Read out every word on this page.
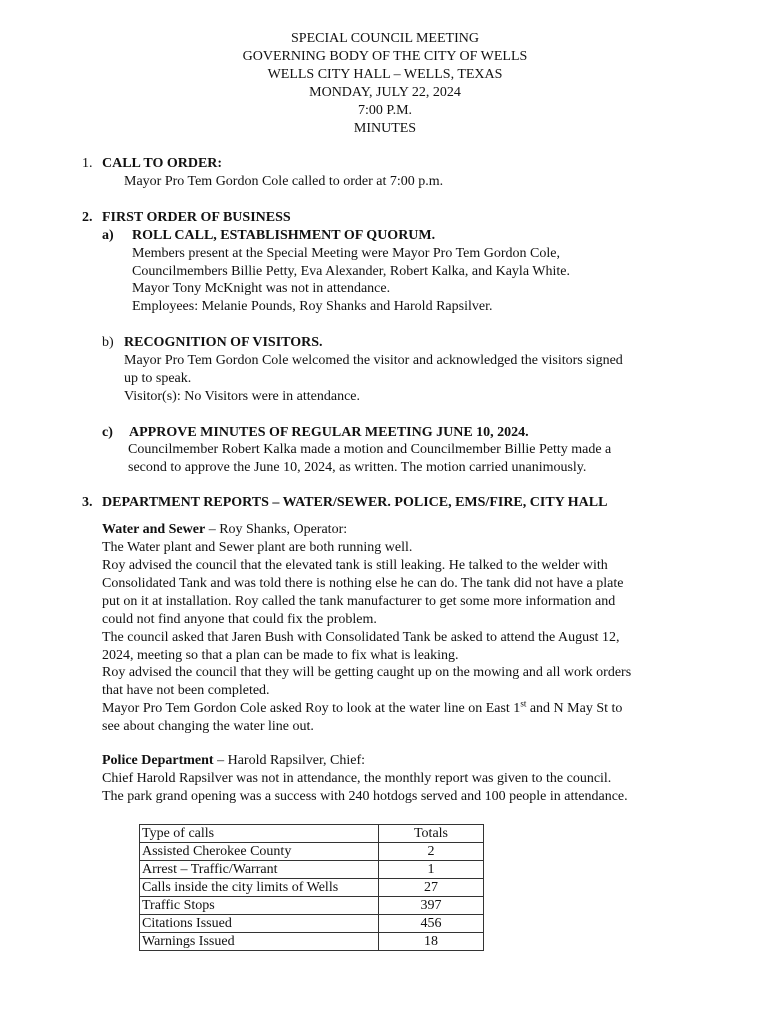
SPECIAL COUNCIL MEETING
GOVERNING BODY OF THE CITY OF WELLS
WELLS CITY HALL – WELLS, TEXAS
MONDAY, JULY 22, 2024
7:00 P.M.
MINUTES
1. CALL TO ORDER:
Mayor Pro Tem Gordon Cole called to order at 7:00 p.m.
2. FIRST ORDER OF BUSINESS
a) ROLL CALL, ESTABLISHMENT OF QUORUM.
Members present at the Special Meeting were Mayor Pro Tem Gordon Cole,
Councilmembers Billie Petty, Eva Alexander, Robert Kalka, and Kayla White.
Mayor Tony McKnight was not in attendance.
Employees: Melanie Pounds, Roy Shanks and Harold Rapsilver.
b) RECOGNITION OF VISITORS.
Mayor Pro Tem Gordon Cole welcomed the visitor and acknowledged the visitors signed
up to speak.
Visitor(s): No Visitors were in attendance.
c) APPROVE MINUTES OF REGULAR MEETING JUNE 10, 2024.
Councilmember Robert Kalka made a motion and Councilmember Billie Petty made a
second to approve the June 10, 2024, as written. The motion carried unanimously.
3. DEPARTMENT REPORTS – WATER/SEWER. POLICE, EMS/FIRE, CITY HALL
Water and Sewer – Roy Shanks, Operator:
The Water plant and Sewer plant are both running well.
Roy advised the council that the elevated tank is still leaking. He talked to the welder with
Consolidated Tank and was told there is nothing else he can do. The tank did not have a plate
put on it at installation. Roy called the tank manufacturer to get some more information and
could not find anyone that could fix the problem.
The council asked that Jaren Bush with Consolidated Tank be asked to attend the August 12,
2024, meeting so that a plan can be made to fix what is leaking.
Roy advised the council that they will be getting caught up on the mowing and all work orders
that have not been completed.
Mayor Pro Tem Gordon Cole asked Roy to look at the water line on East 1st and N May St to
see about changing the water line out.
Police Department – Harold Rapsilver, Chief:
Chief Harold Rapsilver was not in attendance, the monthly report was given to the council.
The park grand opening was a success with 240 hotdogs served and 100 people in attendance.
Type of calls	Totals
Assisted Cherokee County	2
Arrest – Traffic/Warrant	1
Calls inside the city limits of Wells	27
Traffic Stops	397
Citations Issued	456
Warnings Issued	18
